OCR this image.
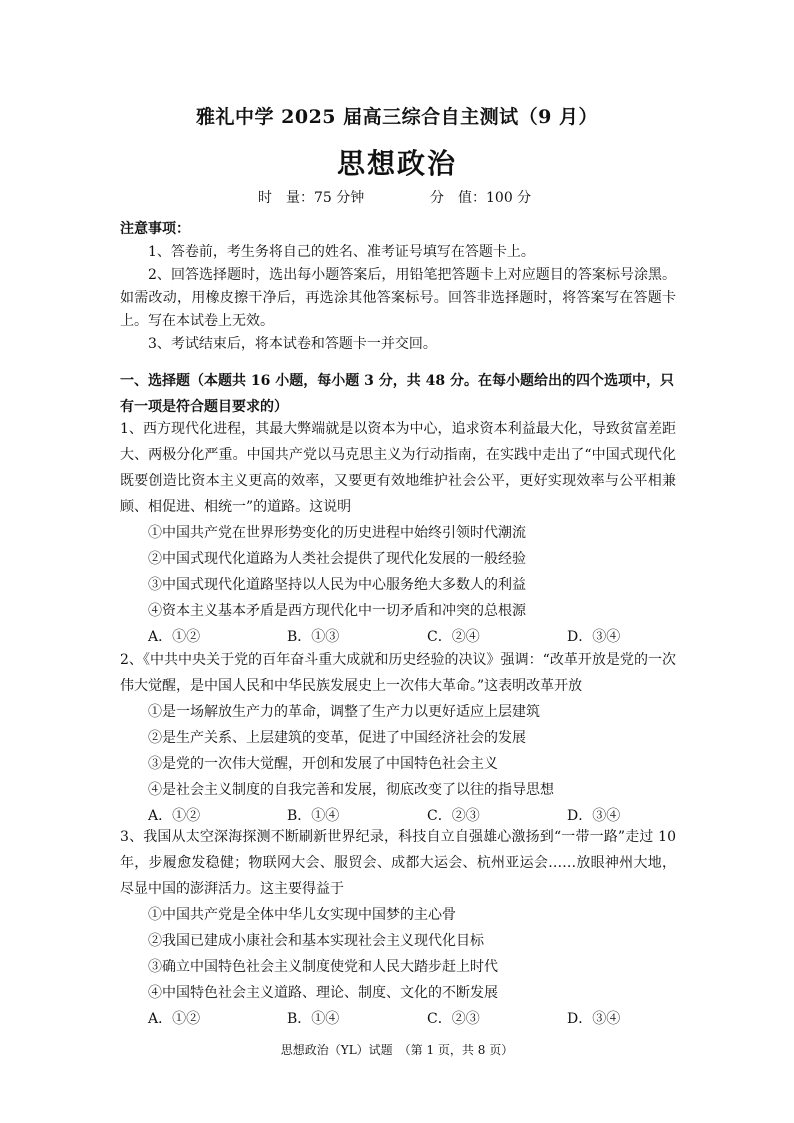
雅礼中学 2025 届高三综合自主测试（9 月）
思想政治
时　量：75 分钟	分　值：100 分
注意事项：

1、答卷前，考生务将自己的姓名、准考证号填写在答题卡上。

2、回答选择题时，选出每小题答案后，用铅笔把答题卡上对应题目的答案标号涂黑。如需改动，用橡皮擦干净后，再选涂其他答案标号。回答非选择题时，将答案写在答题卡上。写在本试卷上无效。

3、考试结束后，将本试卷和答题卡一并交回。

一、选择题（本题共 16 小题，每小题 3 分，共 48 分。在每小题给出的四个选项中，只有一项是符合题目要求的）

1、西方现代化进程，其最大弊端就是以资本为中心，追求资本利益最大化，导致贫富差距大、两极分化严重。中国共产党以马克思主义为行动指南，在实践中走出了“中国式现代化既要创造比资本主义更高的效率，又要更有效地维护社会公平，更好实现效率与公平相兼顾、相促进、相统一”的道路。这说明

①中国共产党在世界形势变化的历史进程中始终引领时代潮流

②中国式现代化道路为人类社会提供了现代化发展的一般经验

③中国式现代化道路坚持以人民为中心服务绝大多数人的利益

④资本主义基本矛盾是西方现代化中一切矛盾和冲突的总根源

A．①②	B．①③	C．②④	D．③④

2、《中共中央关于党的百年奋斗重大成就和历史经验的决议》强调：“改革开放是党的一次伟大觉醒，是中国人民和中华民族发展史上一次伟大革命。”这表明改革开放

①是一场解放生产力的革命，调整了生产力以更好适应上层建筑

②是生产关系、上层建筑的变革，促进了中国经济社会的发展

③是党的一次伟大觉醒，开创和发展了中国特色社会主义

④是社会主义制度的自我完善和发展，彻底改变了以往的指导思想

A．①②	B．①④	C．②③	D．③④

3、我国从太空深海探测不断刷新世界纪录，科技自立自强雄心激扬到“一带一路”走过 10 年，步履愈发稳健；物联网大会、服贸会、成都大运会、杭州亚运会……放眼神州大地，尽显中国的澎湃活力。这主要得益于

①中国共产党是全体中华儿女实现中国梦的主心骨

②我国已建成小康社会和基本实现社会主义现代化目标

③确立中国特色社会主义制度使党和人民大踏步赶上时代

④中国特色社会主义道路、理论、制度、文化的不断发展

A．①②	B．①④	C．②③	D．③④
思想政治（YL）试题　（第 1 页，共 8 页）
